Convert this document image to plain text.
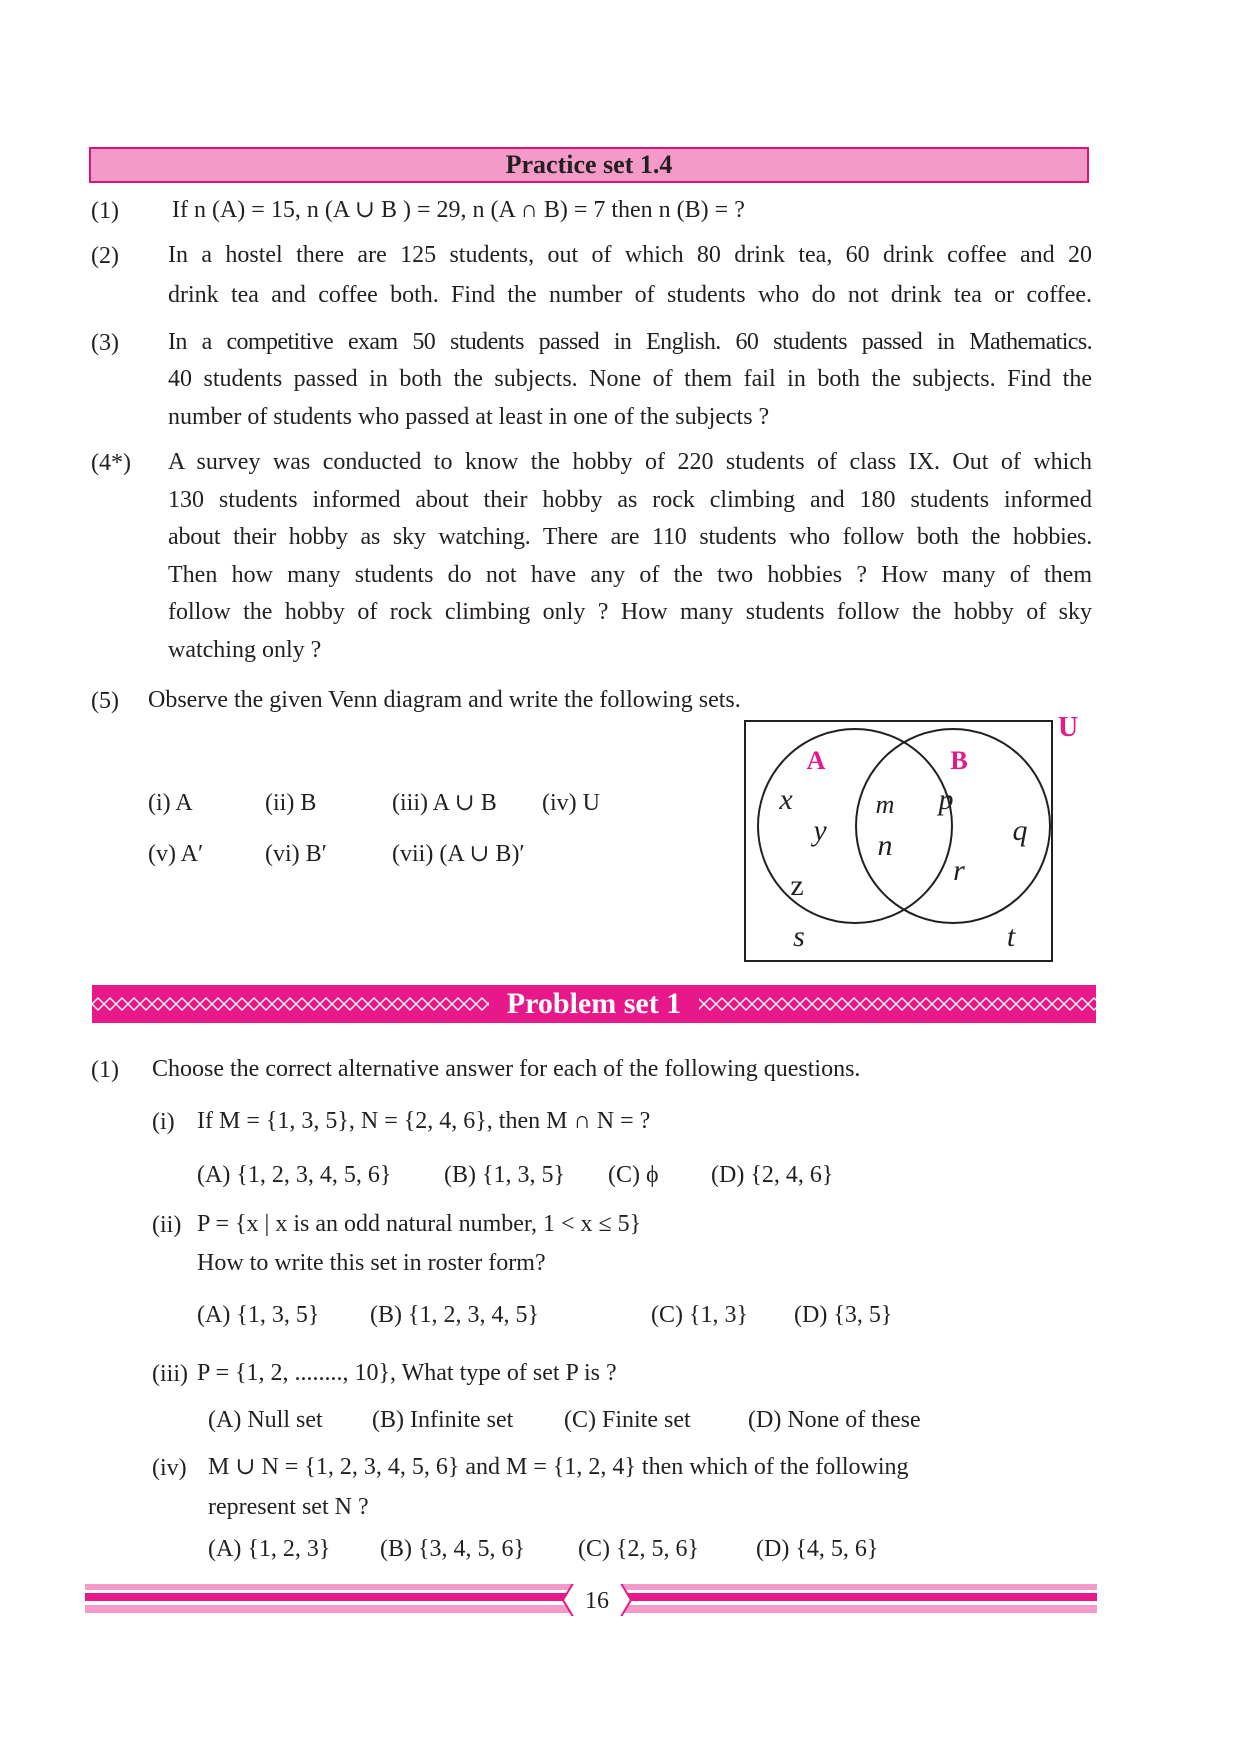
Practice set 1.4
(1) If n (A) = 15, n (A ∪ B ) = 29, n (A ∩ B) = 7 then n (B) = ?
(2) In a hostel there are 125 students, out of which 80 drink tea, 60 drink coffee and 20
drink tea and coffee both. Find the number of students who do not drink tea or coffee.
(3) In a competitive exam 50 students passed in English. 60 students passed in Mathematics.
40 students passed in both the subjects. None of them fail in both the subjects. Find the
number of students who passed at least in one of the subjects ?
(4*) A survey was conducted to know the hobby of 220 students of class IX. Out of which
130 students informed about their hobby as rock climbing and 180 students informed
about their hobby as sky watching. There are 110 students who follow both the hobbies.
Then how many students do not have any of the two hobbies ? How many of them
follow the hobby of rock climbing only ? How many students follow the hobby of sky
watching only ?
(5) Observe the given Venn diagram and write the following sets.
(i) A	(ii) B	(iii) A ∪ B (iv) U
(v) A′	(vi) B′	(vii) (A ∪ B)′
U
A	B
x
y
z
m
n
p
q
r
s	t
Problem set 1
(1) Choose the correct alternative answer for each of the following questions.
(i) If M = {1, 3, 5}, N = {2, 4, 6}, then M ∩ N = ?
(A) {1, 2, 3, 4, 5, 6} (B) {1, 3, 5} (C) ϕ (D) {2, 4, 6}
(ii) P = {x | x is an odd natural number, 1 < x ≤ 5}
How to write this set in roster form?
(A) {1, 3, 5} (B) {1, 2, 3, 4, 5}	(C) {1, 3} (D) {3, 5}
(iii) P = {1, 2, ........, 10}, What type of set P is ?
(A) Null set (B) Infinite set (C) Finite set (D) None of these
(iv) M ∪ N = {1, 2, 3, 4, 5, 6} and M = {1, 2, 4} then which of the following
represent set N ?
(A) {1, 2, 3} (B) {3, 4, 5, 6} (C) {2, 5, 6} (D) {4, 5, 6}
16
